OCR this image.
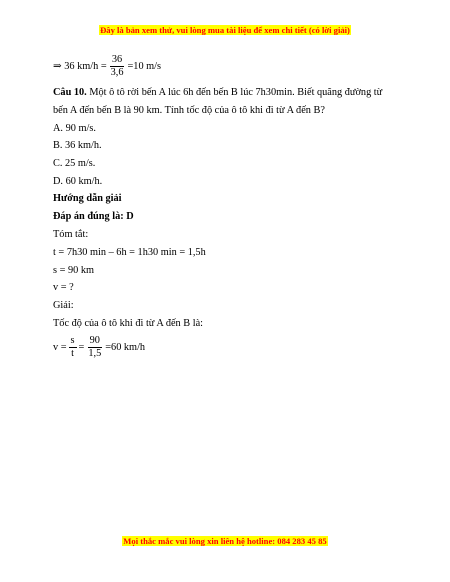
Đây là bản xem thử, vui lòng mua tài liệu để xem chi tiết (có lời giải)
⇒ 36 $km/h = \frac{36}{3,6} =10$ m/s
Câu 10. Một ô tô rời bến A lúc 6h đến bến B lúc 7h30min. Biết quãng đường từ
bến A đến bến B là 90 km. Tính tốc độ của ô tô khi đi từ A đến B?
A. 90 m/s.
B. 36 km/h.
C. 25 m/s.
D. 60 km/h.
Hướng dẫn giải
Đáp án đúng là: D
Tóm tắt:
t = 7h30 min – 6h = 1h30 min = 1,5h
s = 90 km
v = ?
Giải:
Tốc độ của ô tô khi đi từ A đến B là:
$v = \frac{s}{t} = \frac{90}{1,5} =60$ km/h
Mọi thắc mắc vui lòng xin liên hệ hotline: 084 283 45 85
